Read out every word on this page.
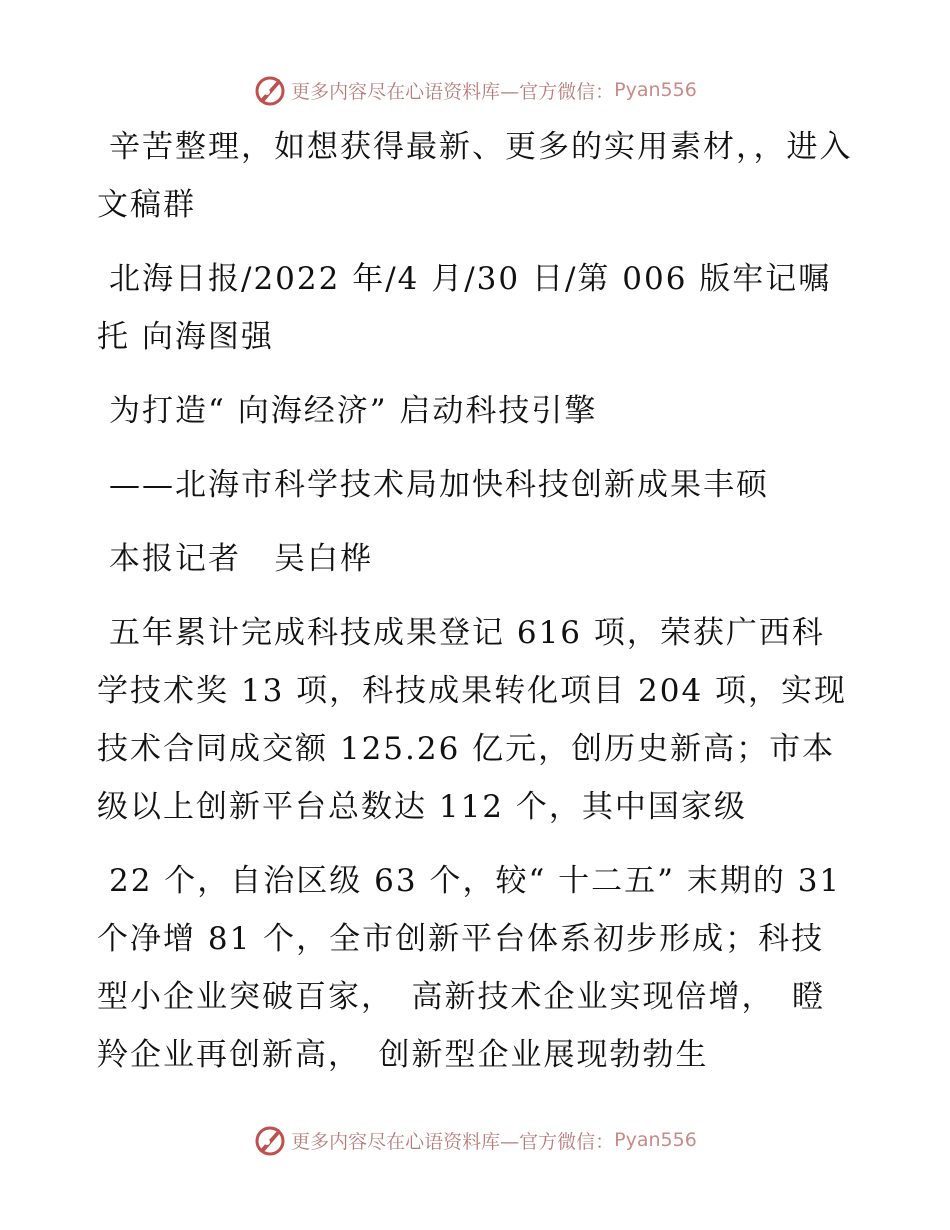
更多内容尽在心语资料库—官方微信： Pyan556

辛苦整理，如想获得最新、更多的实用素材，，进入文稿群

北海日报/2022 年/4 月/30 日/第 006 版牢记嘱托 向海图强

为打造“ 向海经济” 启动科技引擎

——北海市科学技术局加快科技创新成果丰硕

本报记者　吴白桦

五年累计完成科技成果登记 616 项，荣获广西科学技术奖 13 项，科技成果转化项目 204 项，实现技术合同成交额 125.26 亿元，创历史新高；市本级以上创新平台总数达 112 个，其中国家级

22 个，自治区级 63 个，较“ 十二五” 末期的 31 个净增 81 个，全市创新平台体系初步形成；科技型小企业突破百家，　高新技术企业实现倍增，　瞪羚企业再创新高，　创新型企业展现勃勃生

更多内容尽在心语资料库—官方微信： Pyan556
